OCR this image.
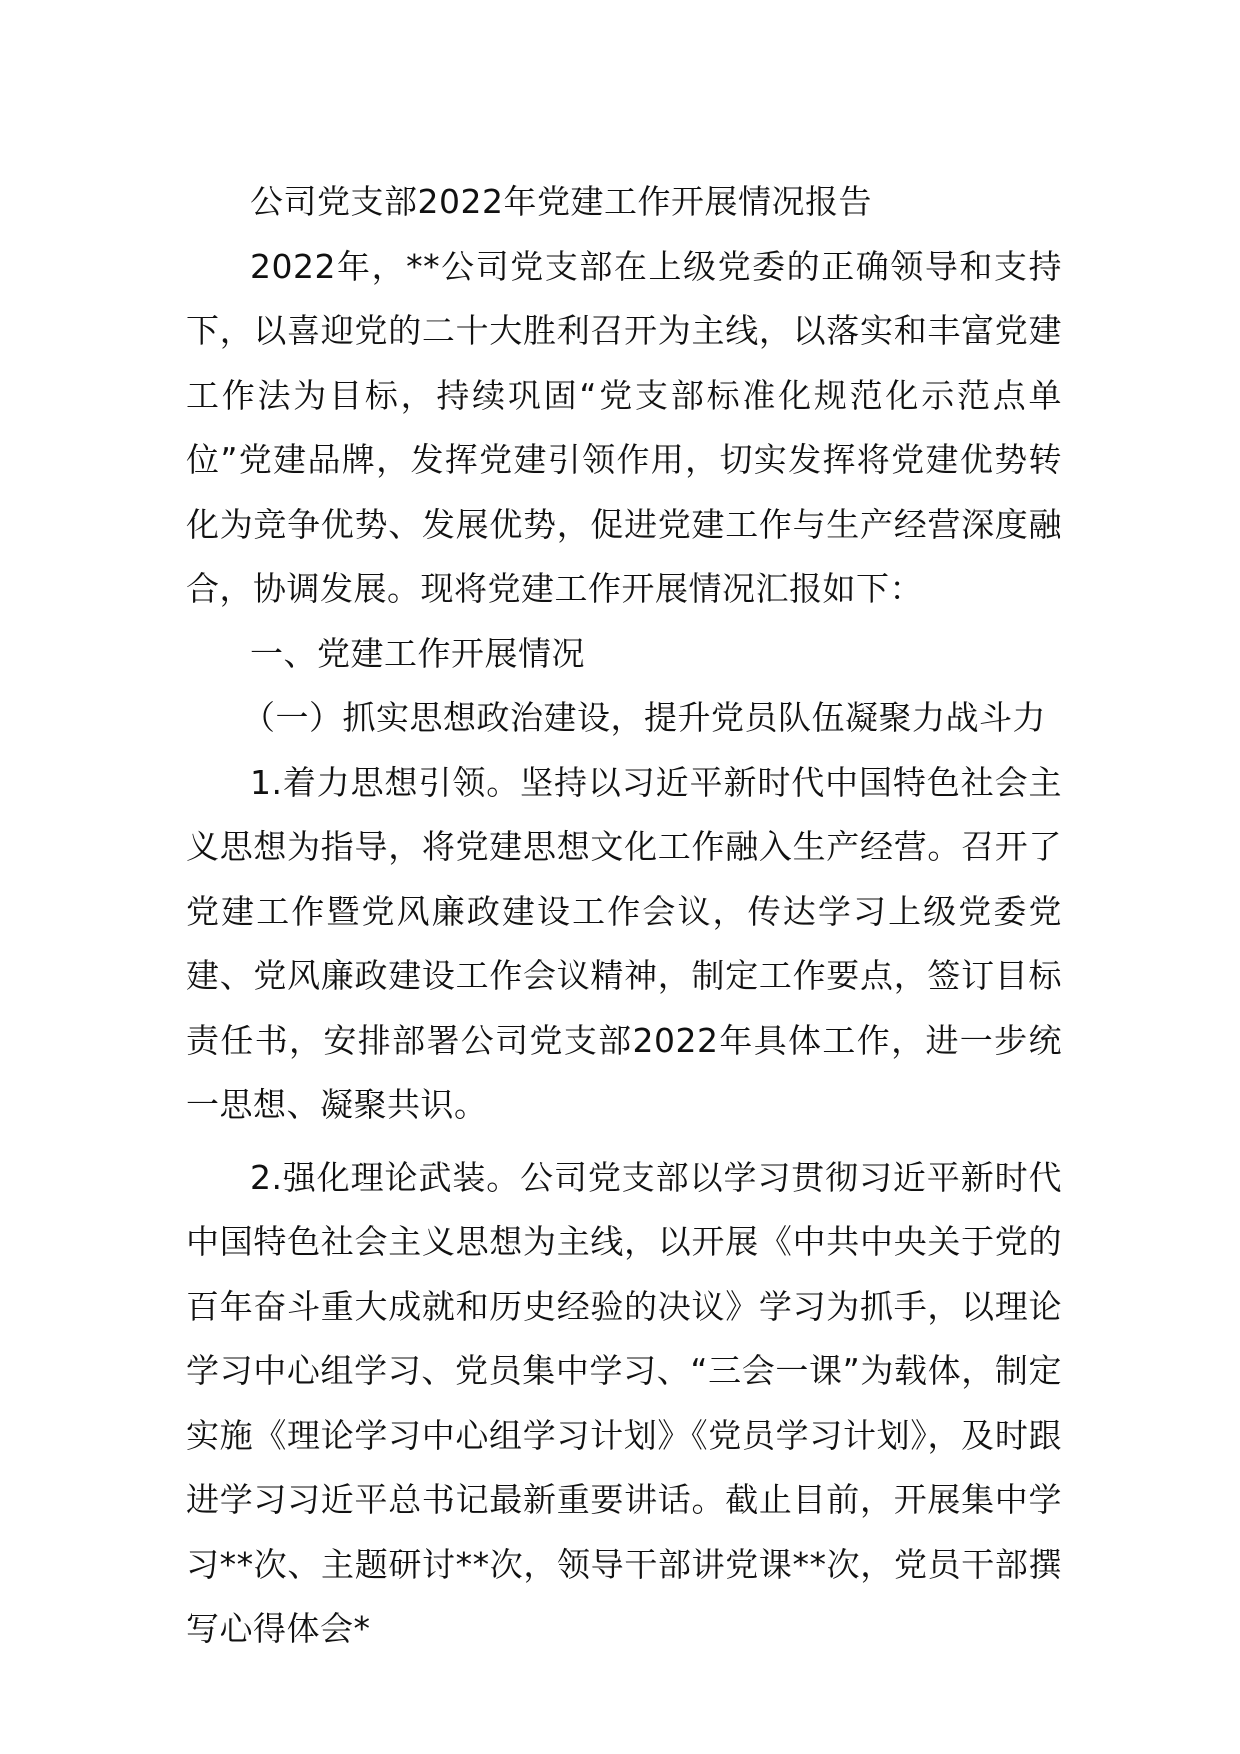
公司党支部2022年党建工作开展情况报告

2022年，**公司党支部在上级党委的正确领导和支持下，以喜迎党的二十大胜利召开为主线，以落实和丰富党建工作法为目标，持续巩固“党支部标准化规范化示范点单位”党建品牌，发挥党建引领作用，切实发挥将党建优势转化为竞争优势、发展优势，促进党建工作与生产经营深度融合，协调发展。现将党建工作开展情况汇报如下：

一、党建工作开展情况

（一）抓实思想政治建设，提升党员队伍凝聚力战斗力

1.着力思想引领。坚持以习近平新时代中国特色社会主义思想为指导，将党建思想文化工作融入生产经营。召开了党建工作暨党风廉政建设工作会议，传达学习上级党委党建、党风廉政建设工作会议精神，制定工作要点，签订目标责任书，安排部署公司党支部2022年具体工作，进一步统一思想、凝聚共识。

2.强化理论武装。公司党支部以学习贯彻习近平新时代中国特色社会主义思想为主线，以开展《中共中央关于党的百年奋斗重大成就和历史经验的决议》学习为抓手，以理论学习中心组学习、党员集中学习、“三会一课”为载体，制定实施《理论学习中心组学习计划》《党员学习计划》，及时跟进学习习近平总书记最新重要讲话。截止目前，开展集中学习**次、主题研讨**次，领导干部讲党课**次，党员干部撰写心得体会*
